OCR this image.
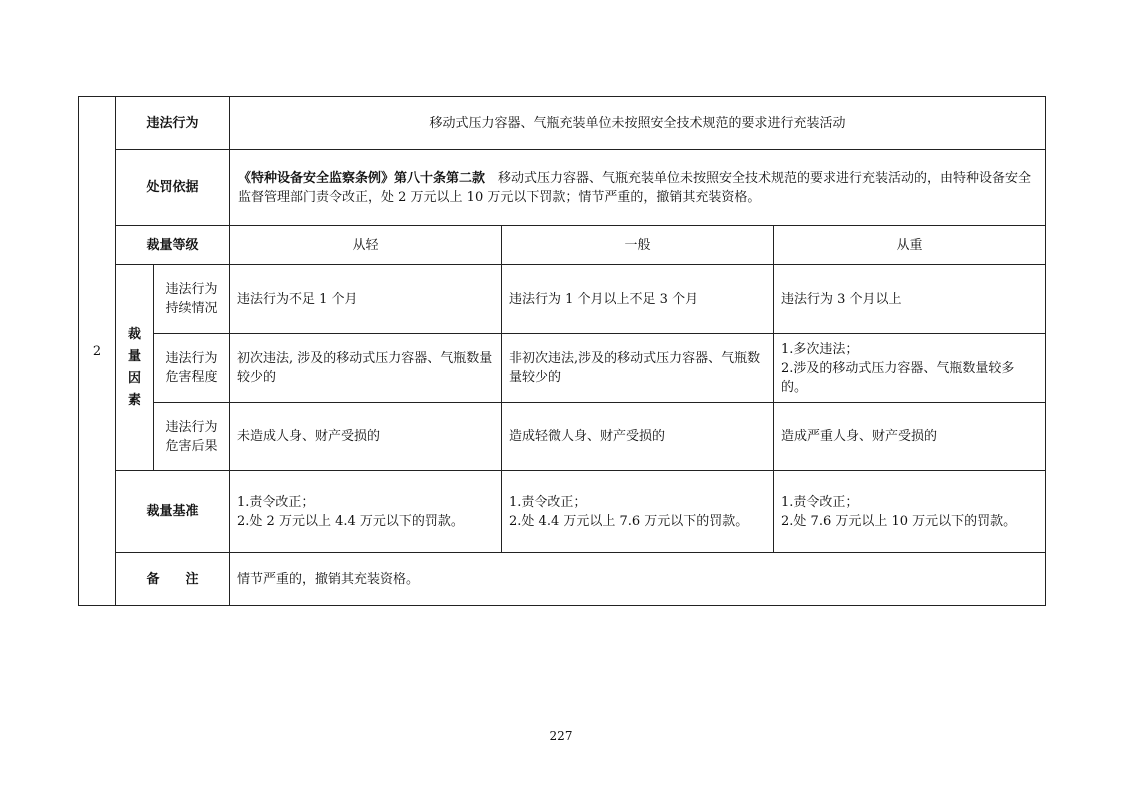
2	违法行为		移动式压力容器、气瓶充装单位未按照安全技术规范的要求进行充装活动		
	处罚依据		《特种设备安全监察条例》第八十条第二款　 移动式压力容器、气瓶充装单位未按照安全技术规范的要求进行充装活动的，由特种设备安全监督管理部门责令改正，处 2 万元以上 10 万元以下罚款；情节严重的，撤销其充装资格。		
	裁量等级		从轻	一般	从重

	裁
量
因
素	违法行为持续情况	违法行为不足 1 个月	违法行为 1 个月以上不足 3 个月	违法行为 3 个月以上
		违法行为危害程度	初次违法, 涉及的移动式压力容器、气瓶数量较少的	非初次违法,涉及的移动式压力容器、气瓶数量较少的	1.多次违法；
2.涉及的移动式压力容器、气瓶数量较多的。

		违法行为危害后果	未造成人身、财产受损的	造成轻微人身、财产受损的	造成严重人身、财产受损的
	裁量基准		1.责令改正；
2.处 2 万元以上 4.4 万元以下的罚款。	1.责令改正；
2.处 4.4 万元以上 7.6 万元以下的罚款。	1.责令改正；
2.处 7.6 万元以上 10 万元以下的罚款。

	备　　注		情节严重的，撤销其充装资格。		
227
